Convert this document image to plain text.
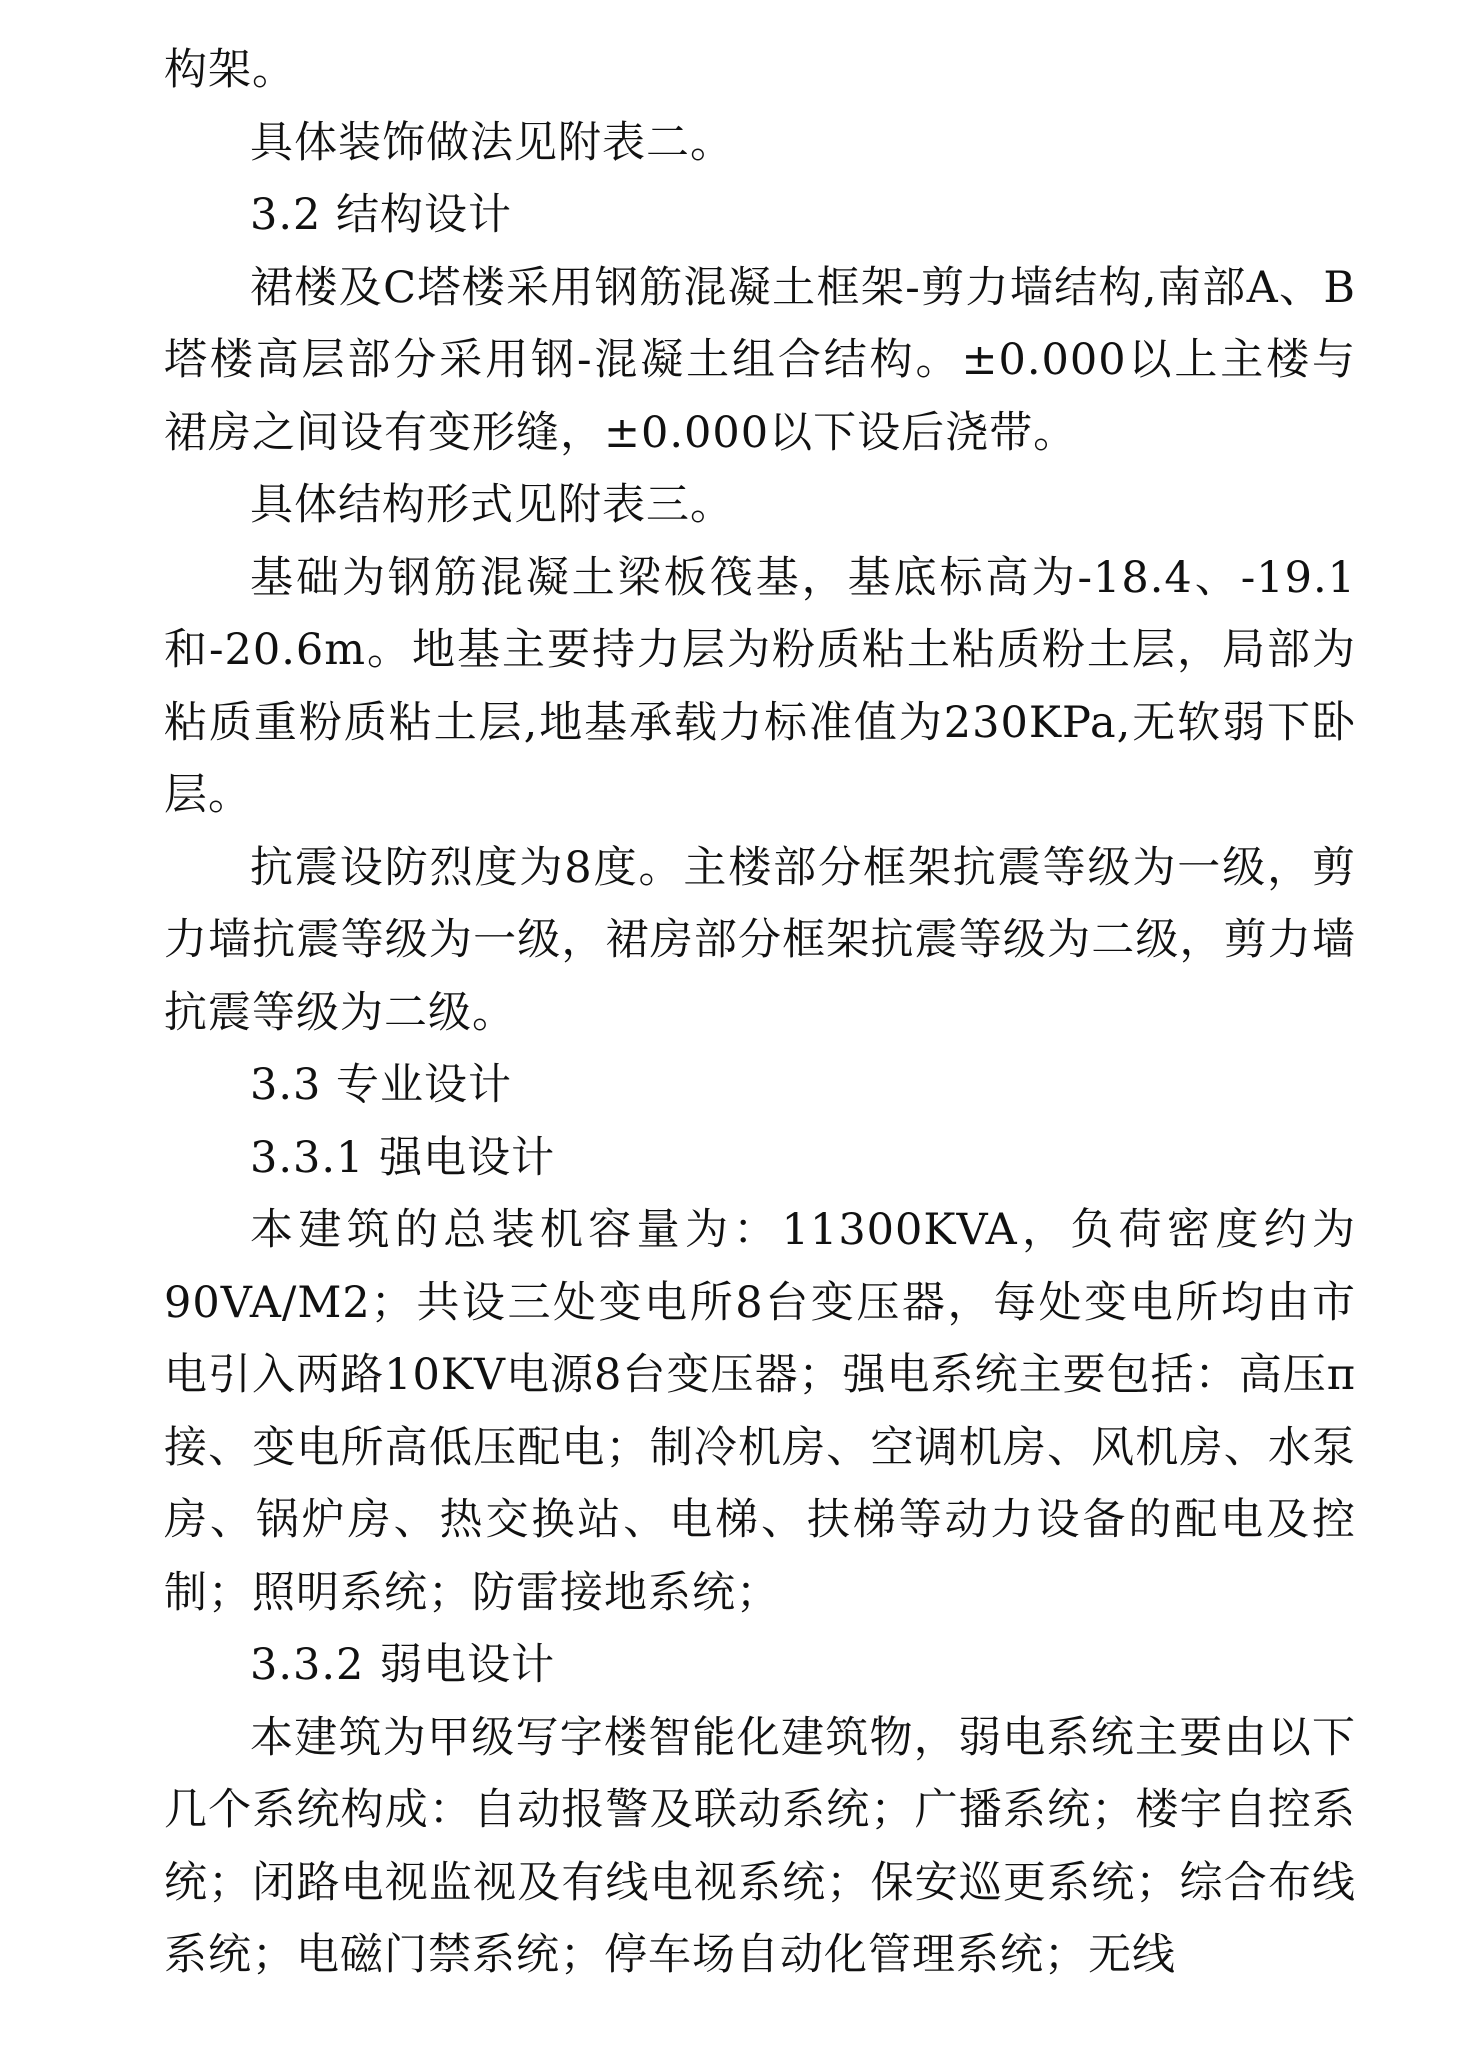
构架。

具体装饰做法见附表二。

3.2 结构设计

裙楼及C塔楼采用钢筋混凝土框架-剪力墙结构,南部A、B塔楼高层部分采用钢-混凝土组合结构。±0.000以上主楼与裙房之间设有变形缝，±0.000以下设后浇带。

具体结构形式见附表三。

基础为钢筋混凝土梁板筏基，基底标高为-18.4、-19.1和-20.6m。地基主要持力层为粉质粘土粘质粉土层，局部为粘质重粉质粘土层,地基承载力标准值为230KPa,无软弱下卧层。

抗震设防烈度为8度。主楼部分框架抗震等级为一级，剪力墙抗震等级为一级，裙房部分框架抗震等级为二级，剪力墙抗震等级为二级。

3.3 专业设计

3.3.1 强电设计

本建筑的总装机容量为：11300KVA，负荷密度约为90VA/M2；共设三处变电所8台变压器，每处变电所均由市电引入两路10KV电源8台变压器；强电系统主要包括：高压π接、变电所高低压配电；制冷机房、空调机房、风机房、水泵房、锅炉房、热交换站、电梯、扶梯等动力设备的配电及控制；照明系统；防雷接地系统；

3.3.2 弱电设计

本建筑为甲级写字楼智能化建筑物，弱电系统主要由以下几个系统构成：自动报警及联动系统；广播系统；楼宇自控系统；闭路电视监视及有线电视系统；保安巡更系统；综合布线系统；电磁门禁系统；停车场自动化管理系统；无线
